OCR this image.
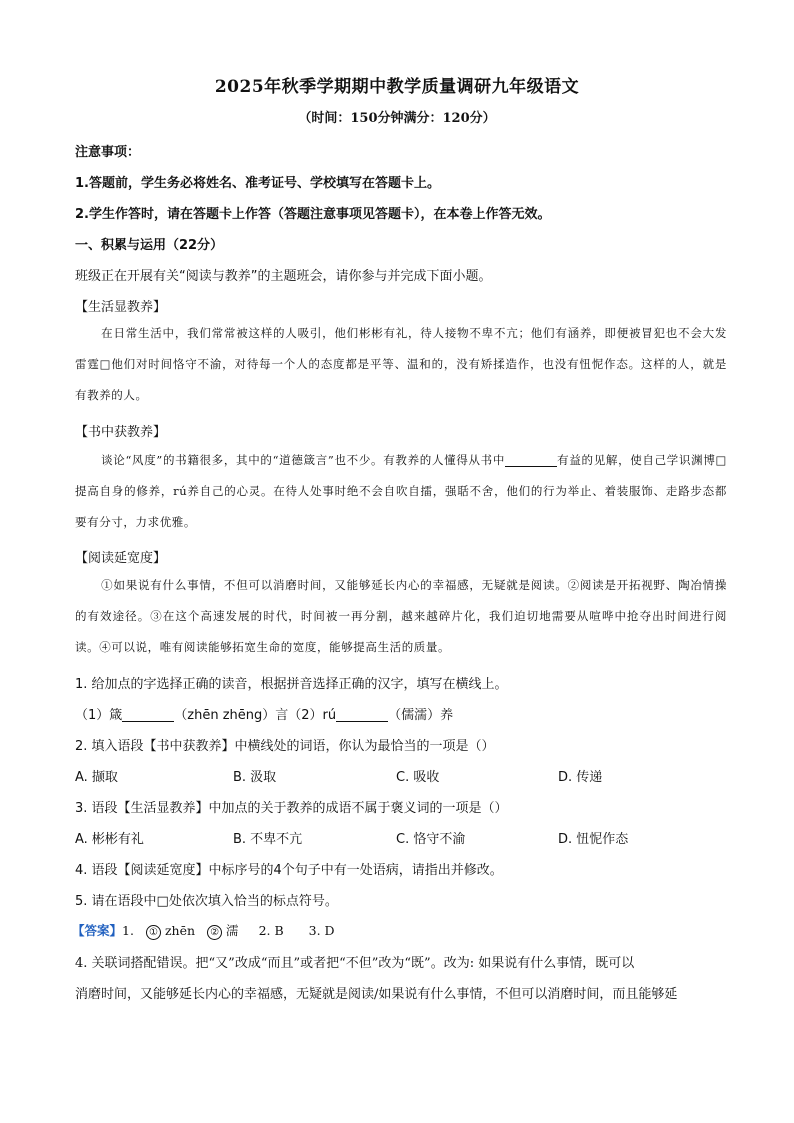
2025年秋季学期期中教学质量调研九年级语文
（时间：150分钟满分：120分）
注意事项：
1.答题前，学生务必将姓名、准考证号、学校填写在答题卡上。
2.学生作答时，请在答题卡上作答（答题注意事项见答题卡），在本卷上作答无效。
一、积累与运用（22分）
班级正在开展有关“阅读与教养”的主题班会，请你参与并完成下面小题。
【生活显教养】
在日常生活中，我们常常被这样的人吸引，他们彬彬有礼，待人接物不卑不亢；他们有涵养，即便被冒犯也不会大发雷霆□他们对时间恪守不渝，对待每一个人的态度都是平等、温和的，没有矫揉造作，也没有忸怩作态。这样的人，就是有教养的人。
【书中获教养】
谈论“风度”的书籍很多，其中的“道德箴言”也不少。有教养的人懂得从书中	有益的见解，使自己学识渊博□提高自身的修养，rú养自己的心灵。在待人处事时绝不会自吹自擂，强聒不舍，他们的行为举止、着装服饰、走路步态都要有分寸，力求优雅。
【阅读延宽度】
①如果说有什么事情，不但可以消磨时间，又能够延长内心的幸福感，无疑就是阅读。②阅读是开拓视野、陶冶情操的有效途径。③在这个高速发展的时代，时间被一再分割，越来越碎片化，我们迫切地需要从喧哗中抢夺出时间进行阅读。④可以说，唯有阅读能够拓宽生命的宽度，能够提高生活的质量。
1. 给加点的字选择正确的读音，根据拼音选择正确的汉字，填写在横线上。
（1）箴	（zhēn zhēng）言（2）rú	（儒濡）养
2. 填入语段【书中获教养】中横线处的词语，你认为最恰当的一项是（）
A. 撷取	B. 汲取	C. 吸收	D. 传递
3. 语段【生活显教养】中加点的关于教养的成语不属于褒义词的一项是（）
A. 彬彬有礼	B. 不卑不亢	C. 恪守不渝	D. 忸怩作态
4. 语段【阅读延宽度】中标序号的4个句子中有一处语病，请指出并修改。
5. 请在语段中□处依次填入恰当的标点符号。
【答案】1. ① zhēn ② 濡 2. B　　3. D
4. 关联词搭配错误。把“又”改成“而且”或者把“不但”改为“既”。改为: 如果说有什么事情，既可以
消磨时间，又能够延长内心的幸福感，无疑就是阅读/如果说有什么事情，不但可以消磨时间，而且能够延
